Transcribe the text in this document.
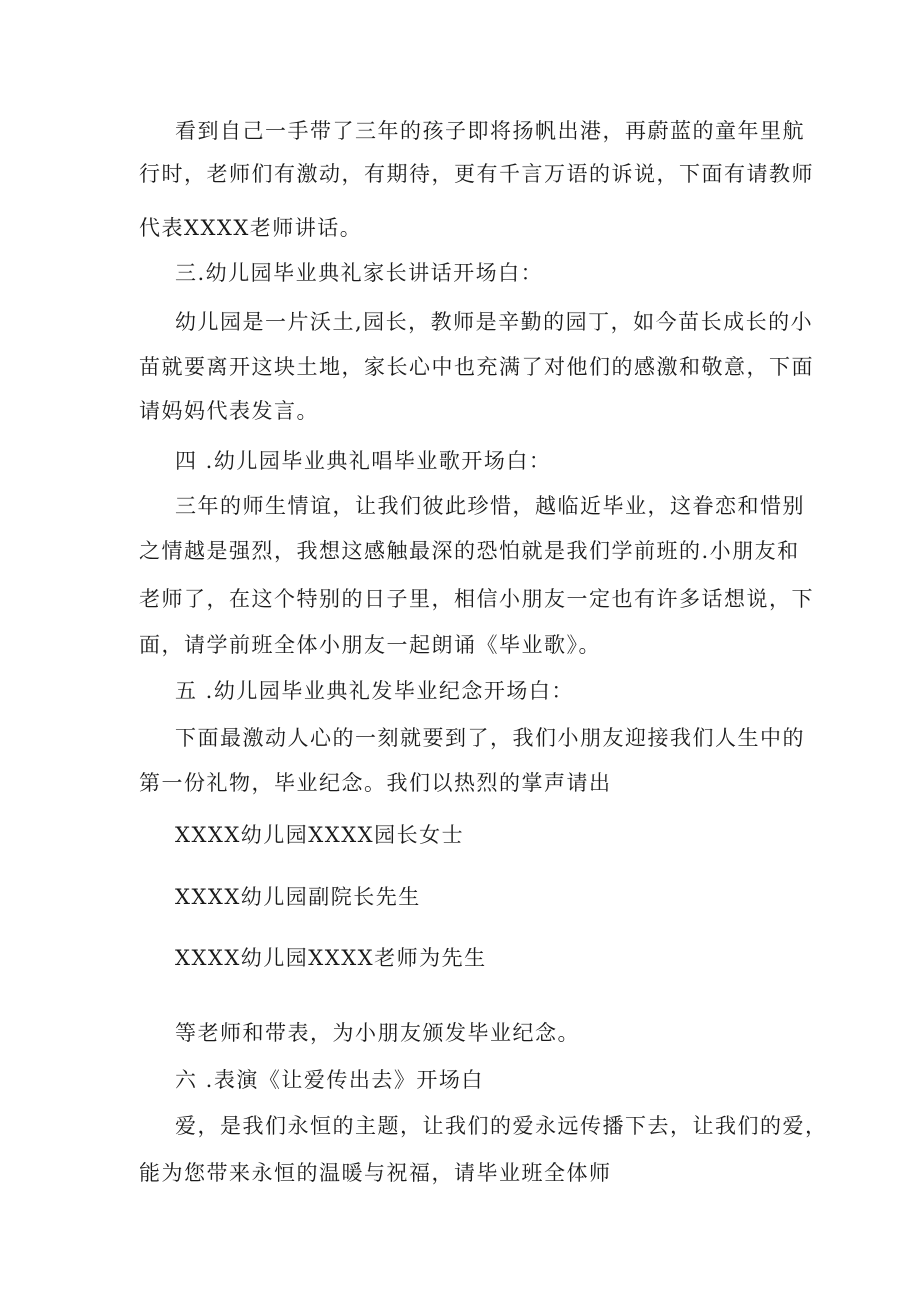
看到自己一手带了三年的孩子即将扬帆出港，再蔚蓝的童年里航

行时，老师们有激动，有期待，更有千言万语的诉说，下面有请教师

代表XXXX老师讲话。

三.幼儿园毕业典礼家长讲话开场白：

幼儿园是一片沃土,园长，教师是辛勤的园丁，如今苗长成长的小

苗就要离开这块土地，家长心中也充满了对他们的感激和敬意，下面

请妈妈代表发言。

四 .幼儿园毕业典礼唱毕业歌开场白：

三年的师生情谊，让我们彼此珍惜，越临近毕业，这眷恋和惜别

之情越是强烈，我想这感触最深的恐怕就是我们学前班的.小朋友和

老师了，在这个特别的日子里，相信小朋友一定也有许多话想说，下

面，请学前班全体小朋友一起朗诵《毕业歌》。

五 .幼儿园毕业典礼发毕业纪念开场白：

下面最激动人心的一刻就要到了，我们小朋友迎接我们人生中的

第一份礼物，毕业纪念。我们以热烈的掌声请出

XXXX幼儿园XXXX园长女士

XXXX幼儿园副院长先生

XXXX幼儿园XXXX老师为先生

等老师和带表，为小朋友颁发毕业纪念。

六 .表演《让爱传出去》开场白

爱，是我们永恒的主题，让我们的爱永远传播下去，让我们的爱，

能为您带来永恒的温暖与祝福，请毕业班全体师
